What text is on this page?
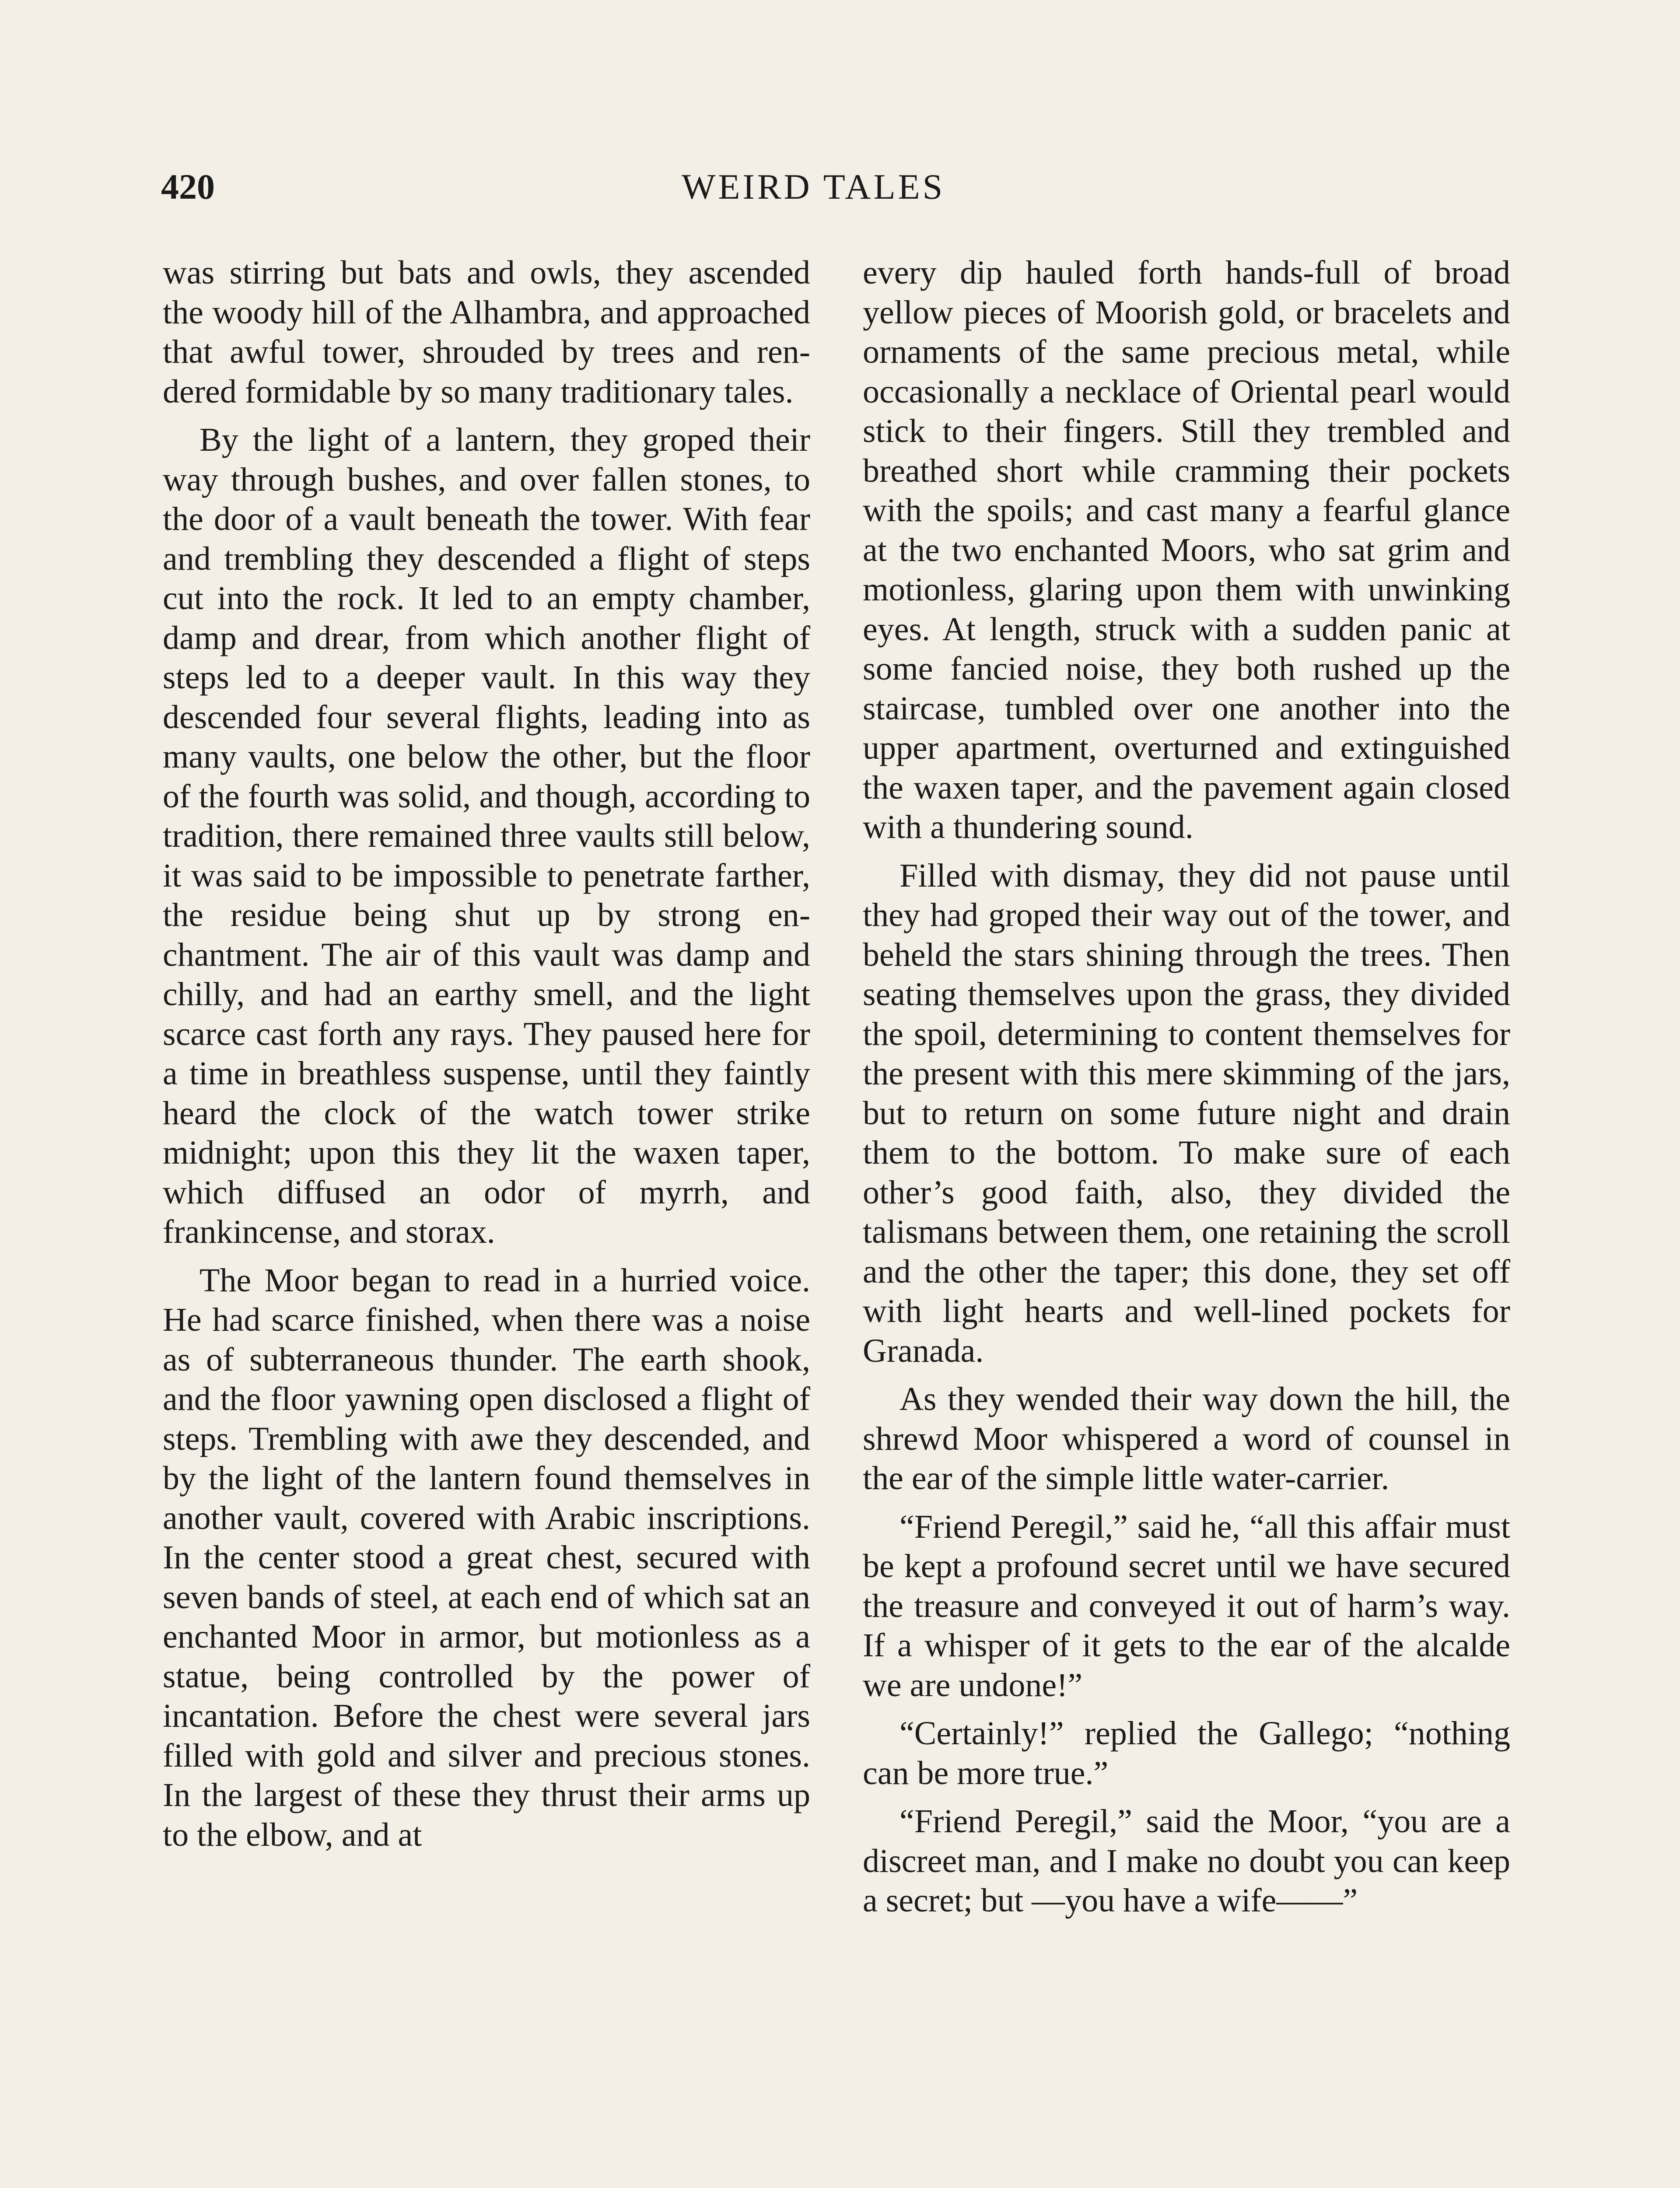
420	WEIRD TALES

was stirring but bats and owls, they ascended the woody hill of the Alhambra, and approached that awful tower, shrouded by trees and rendered formidable by so many traditionary tales.

By the light of a lantern, they groped their way through bushes, and over fallen stones, to the door of a vault beneath the tower. With fear and trembling they descended a flight of steps cut into the rock. It led to an empty chamber, damp and drear, from which another flight of steps led to a deeper vault. In this way they descended four several flights, leading into as many vaults, one below the other, but the floor of the fourth was solid, and though, according to tradition, there remained three vaults still below, it was said to be impossible to penetrate farther, the residue being shut up by strong enchantment. The air of this vault was damp and chilly, and had an earthy smell, and the light scarce cast forth any rays. They paused here for a time in breathless suspense, until they faintly heard the clock of the watch tower strike midnight; upon this they lit the waxen taper, which diffused an odor of myrrh, and frankincense, and storax.

The Moor began to read in a hurried voice. He had scarce finished, when there was a noise as of subterraneous thunder. The earth shook, and the floor yawning open disclosed a flight of steps. Trembling with awe they descended, and by the light of the lantern found themselves in another vault, covered with Arabic inscriptions. In the center stood a great chest, secured with seven bands of steel, at each end of which sat an enchanted Moor in armor, but motionless as a statue, being controlled by the power of incantation. Before the chest were several jars filled with gold and silver and precious stones. In the largest of these they thrust their arms up to the elbow, and at

every dip hauled forth hands-full of broad yellow pieces of Moorish gold, or bracelets and ornaments of the same precious metal, while occasionally a necklace of Oriental pearl would stick to their fingers. Still they trembled and breathed short while cramming their pockets with the spoils; and cast many a fearful glance at the two enchanted Moors, who sat grim and motionless, glaring upon them with unwinking eyes. At length, struck with a sudden panic at some fancied noise, they both rushed up the staircase, tumbled over one another into the upper apartment, overturned and extinguished the waxen taper, and the pavement again closed with a thundering sound.

Filled with dismay, they did not pause until they had groped their way out of the tower, and beheld the stars shining through the trees. Then seating themselves upon the grass, they divided the spoil, determining to content themselves for the present with this mere skimming of the jars, but to return on some future night and drain them to the bottom. To make sure of each other’s good faith, also, they divided the talismans between them, one retaining the scroll and the other the taper; this done, they set off with light hearts and well-lined pockets for Granada.

As they wended their way down the hill, the shrewd Moor whispered a word of counsel in the ear of the simple little water-carrier.

“Friend Peregil,” said he, “all this affair must be kept a profound secret until we have secured the treasure and conveyed it out of harm’s way. If a whisper of it gets to the ear of the alcalde we are undone!”

“Certainly!” replied the Gallego; “nothing can be more true.”

“Friend Peregil,” said the Moor, “you are a discreet man, and I make no doubt you can keep a secret; but —you have a wife——”
